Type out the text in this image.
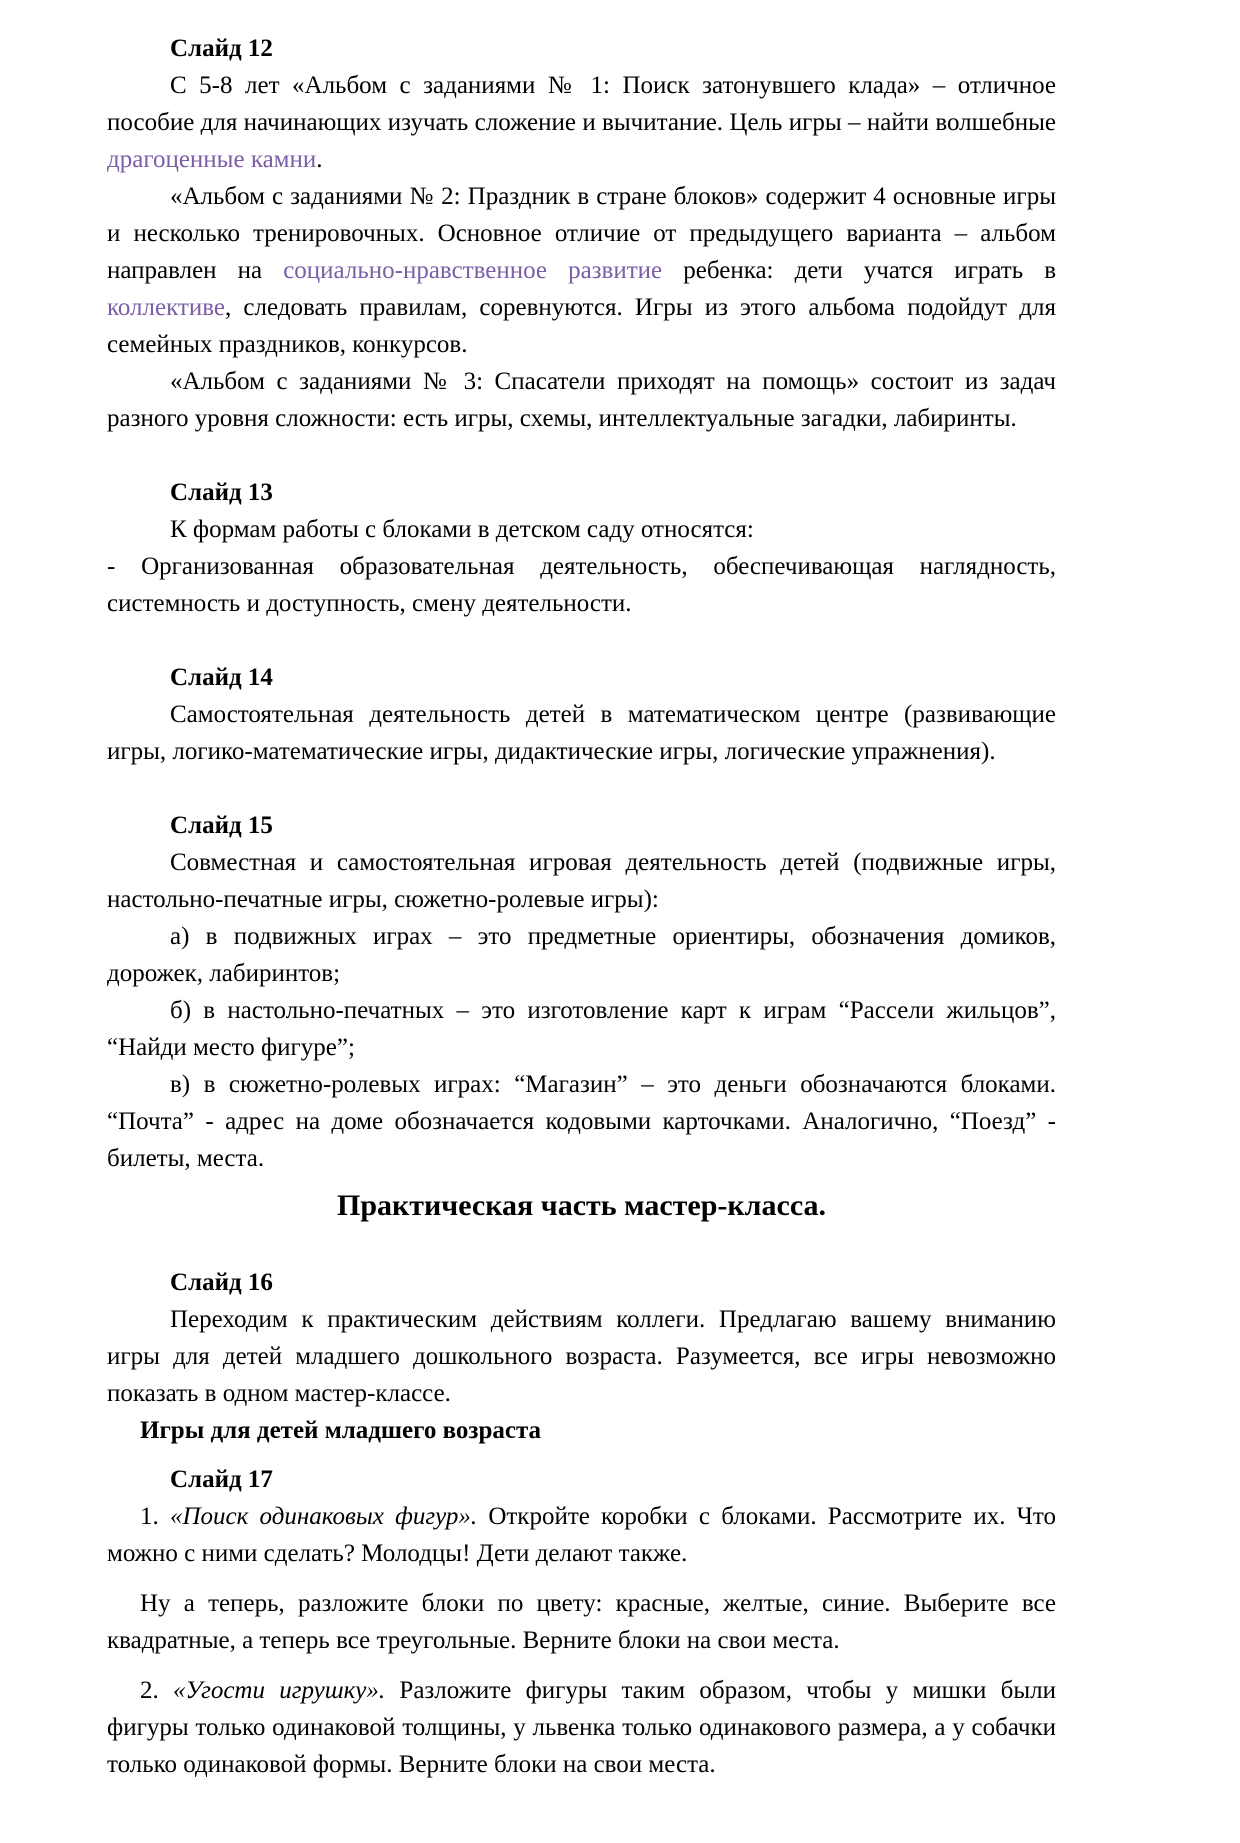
Слайд 12

С 5-8 лет «Альбом с заданиями № 1: Поиск затонувшего клада» – отличное пособие для начинающих изучать сложение и вычитание. Цель игры – найти волшебные драгоценные камни.

«Альбом с заданиями № 2: Праздник в стране блоков» содержит 4 основные игры и несколько тренировочных. Основное отличие от предыдущего варианта – альбом направлен на социально-нравственное развитие ребенка: дети учатся играть в коллективе, следовать правилам, соревнуются. Игры из этого альбома подойдут для семейных праздников, конкурсов.

«Альбом с заданиями № 3: Спасатели приходят на помощь» состоит из задач разного уровня сложности: есть игры, схемы, интеллектуальные загадки, лабиринты.

Слайд 13

К формам работы с блоками в детском саду относятся:

- Организованная образовательная деятельность, обеспечивающая наглядность, системность и доступность, смену деятельности.

Слайд 14

Самостоятельная деятельность детей в математическом центре (развивающие игры, логико-математические игры, дидактические игры, логические упражнения).

Слайд 15

Совместная и самостоятельная игровая деятельность детей (подвижные игры, настольно-печатные игры, сюжетно-ролевые игры):

а) в подвижных играх – это предметные ориентиры, обозначения домиков, дорожек, лабиринтов;

б) в настольно-печатных – это изготовление карт к играм “Рассели жильцов”, “Найди место фигуре”;

в) в сюжетно-ролевых играх: “Магазин” – это деньги обозначаются блоками. “Почта” - адрес на доме обозначается кодовыми карточками. Аналогично, “Поезд” - билеты, места.

Практическая часть мастер-класса.

Слайд 16

Переходим к практическим действиям коллеги. Предлагаю вашему вниманию игры для детей младшего дошкольного возраста. Разумеется, все игры невозможно показать в одном мастер-классе.

Игры для детей младшего возраста

Слайд 17

1. «Поиск одинаковых фигур». Откройте коробки с блоками. Рассмотрите их. Что можно с ними сделать? Молодцы! Дети делают также.

Ну а теперь, разложите блоки по цвету: красные, желтые, синие. Выберите все квадратные, а теперь все треугольные. Верните блоки на свои места.

2. «Угости игрушку». Разложите фигуры таким образом, чтобы у мишки были фигуры только одинаковой толщины, у львенка только одинакового размера, а у собачки только одинаковой формы. Верните блоки на свои места.
